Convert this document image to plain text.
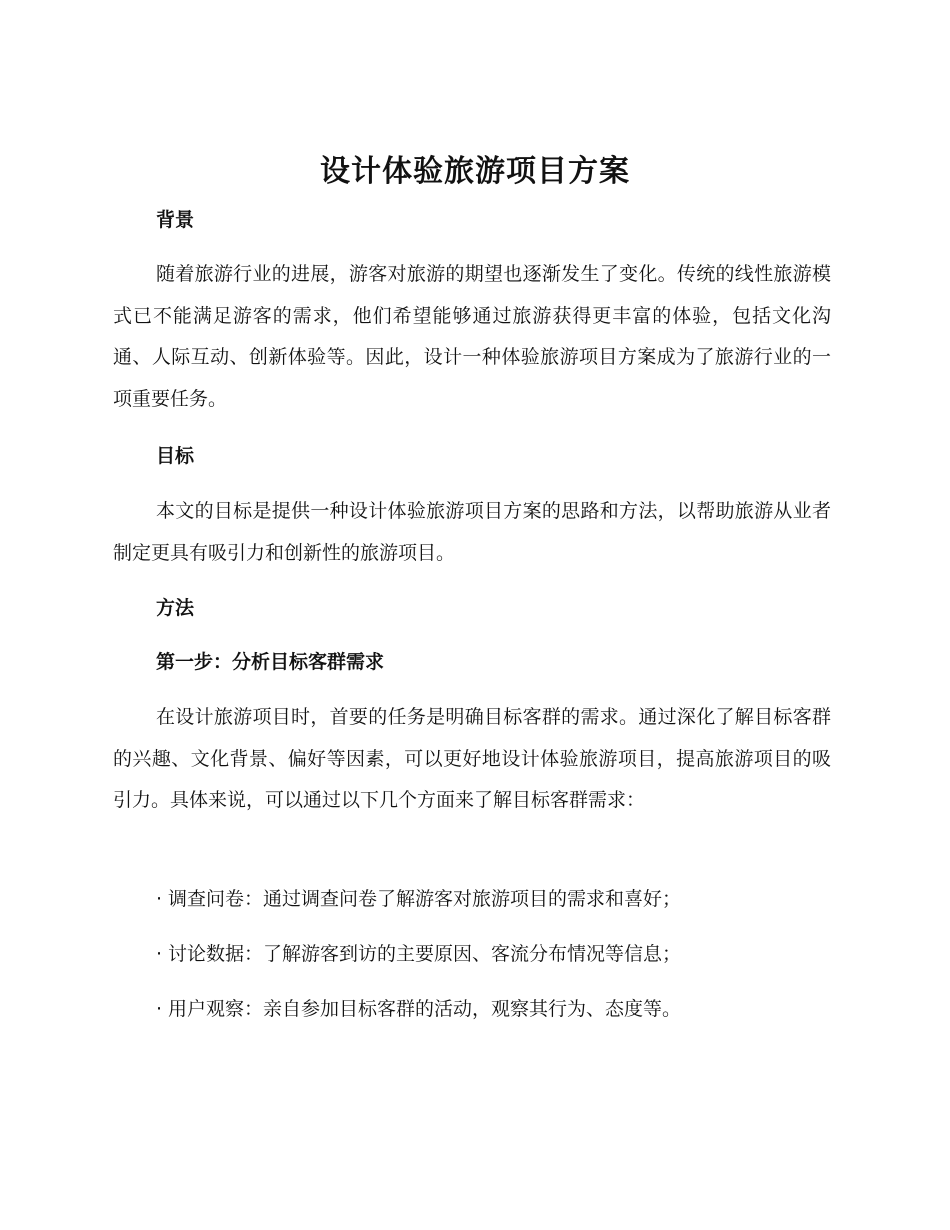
设计体验旅游项目方案
背景

随着旅游行业的进展，游客对旅游的期望也逐渐发生了变化。传统的线性旅游模式已不能满足游客的需求，他们希望能够通过旅游获得更丰富的体验，包括文化沟通、人际互动、创新体验等。因此，设计一种体验旅游项目方案成为了旅游行业的一项重要任务。

目标

本文的目标是提供一种设计体验旅游项目方案的思路和方法，以帮助旅游从业者制定更具有吸引力和创新性的旅游项目。

方法
第一步：分析目标客群需求

在设计旅游项目时，首要的任务是明确目标客群的需求。通过深化了解目标客群的兴趣、文化背景、偏好等因素，可以更好地设计体验旅游项目，提高旅游项目的吸引力。具体来说，可以通过以下几个方面来了解目标客群需求：

· 调查问卷：通过调查问卷了解游客对旅游项目的需求和喜好；
· 讨论数据：了解游客到访的主要原因、客流分布情况等信息；
· 用户观察：亲自参加目标客群的活动，观察其行为、态度等。
